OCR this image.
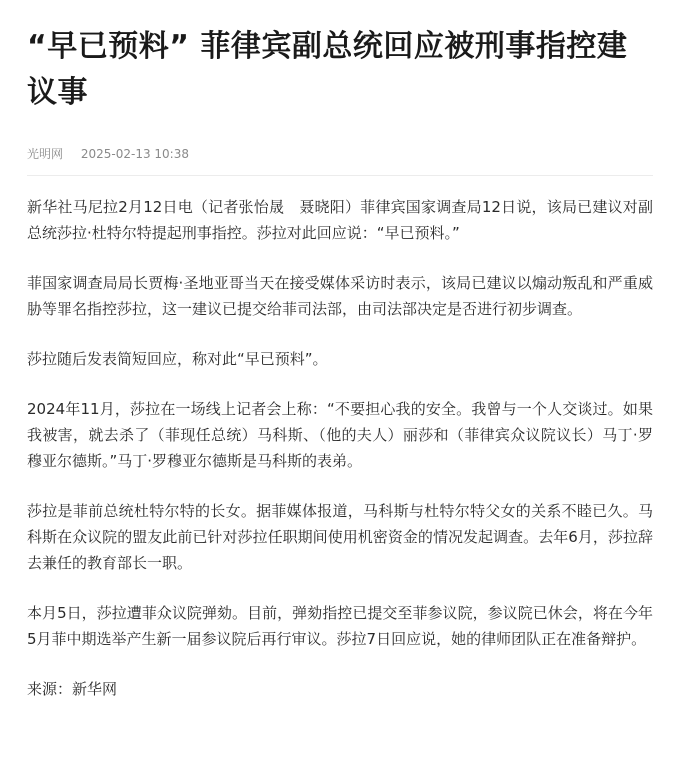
“早已预料” 菲律宾副总统回应被刑事指控建议事
光明网 2025-02-13 10:38

新华社马尼拉2月12日电（记者张怡晟　聂晓阳）菲律宾国家调查局12日说，该局已建议对副总统莎拉·杜特尔特提起刑事指控。莎拉对此回应说：“早已预料。”

菲国家调查局局长贾梅·圣地亚哥当天在接受媒体采访时表示，该局已建议以煽动叛乱和严重威胁等罪名指控莎拉，这一建议已提交给菲司法部，由司法部决定是否进行初步调查。

莎拉随后发表简短回应，称对此“早已预料”。

2024年11月，莎拉在一场线上记者会上称：“不要担心我的安全。我曾与一个人交谈过。如果我被害，就去杀了（菲现任总统）马科斯、（他的夫人）丽莎和（菲律宾众议院议长）马丁·罗穆亚尔德斯。”马丁·罗穆亚尔德斯是马科斯的表弟。

莎拉是菲前总统杜特尔特的长女。据菲媒体报道，马科斯与杜特尔特父女的关系不睦已久。马科斯在众议院的盟友此前已针对莎拉任职期间使用机密资金的情况发起调查。去年6月，莎拉辞去兼任的教育部长一职。

本月5日，莎拉遭菲众议院弹劾。目前，弹劾指控已提交至菲参议院，参议院已休会，将在今年5月菲中期选举产生新一届参议院后再行审议。莎拉7日回应说，她的律师团队正在准备辩护。

来源：新华网
